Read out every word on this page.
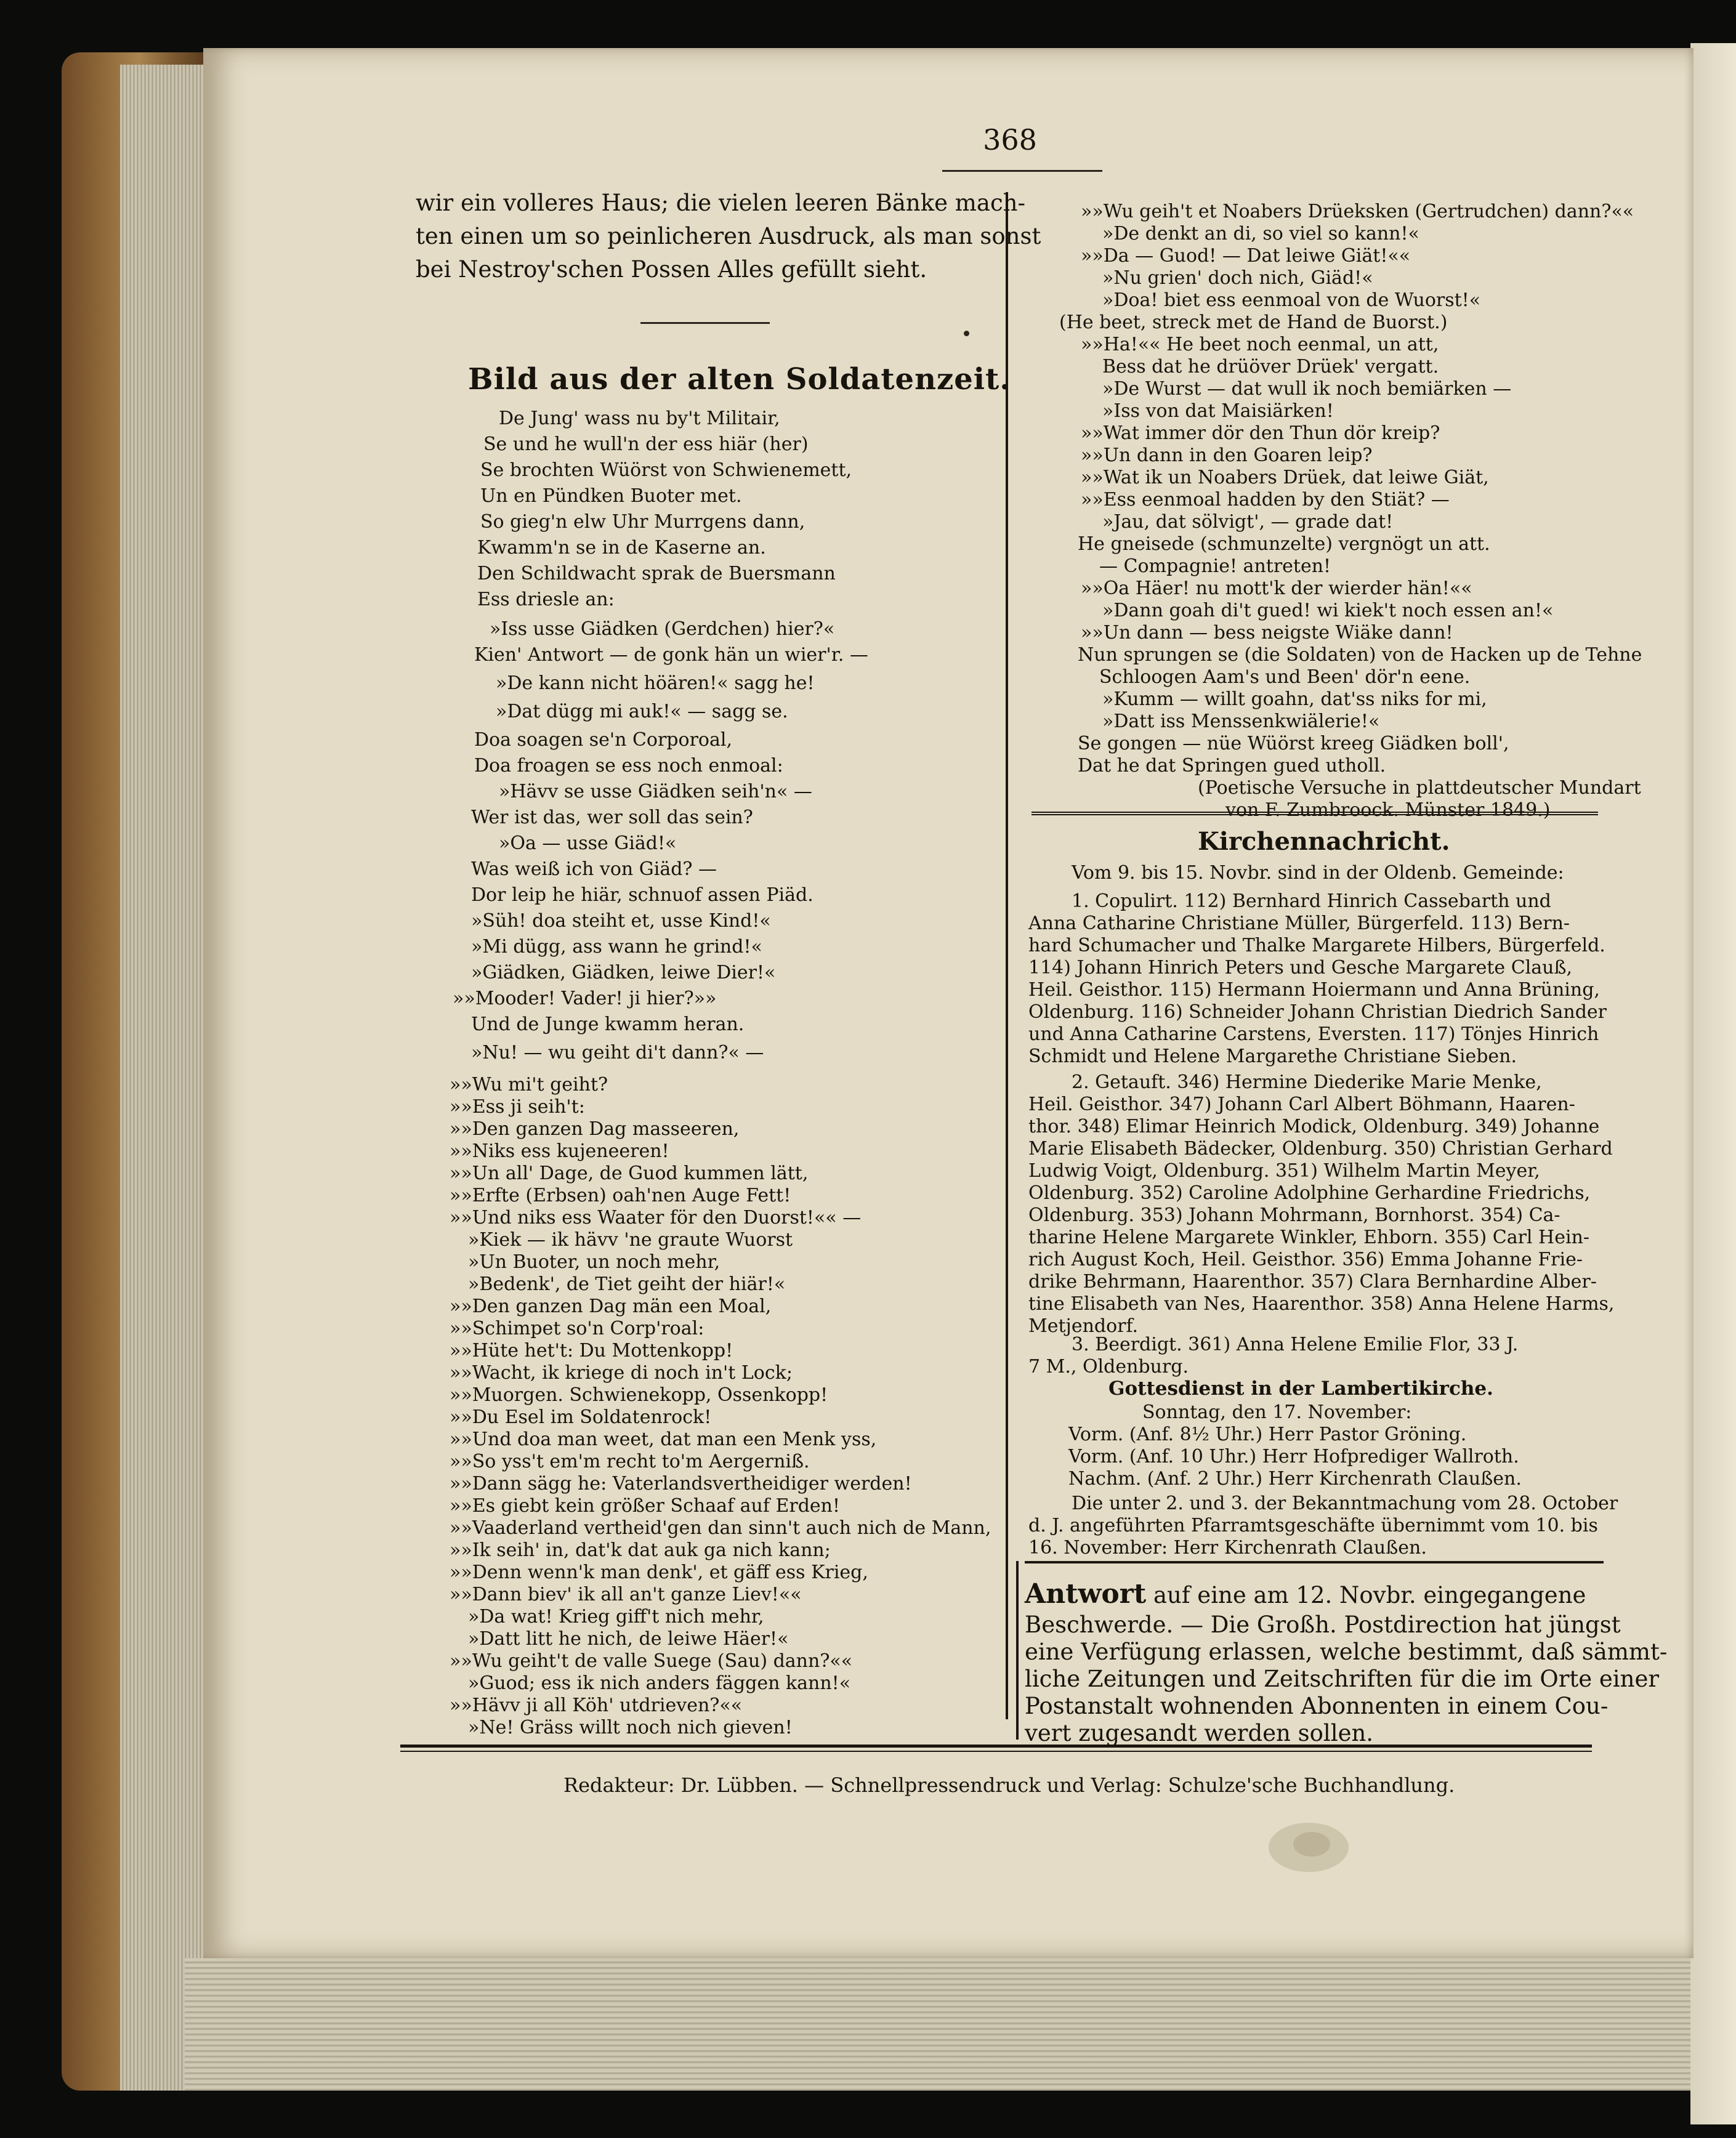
368
wir ein volleres Haus; die vielen leeren Bänke mach-
ten einen um so peinlicheren Ausdruck, als man sonst
bei Nestroy'schen Possen Alles gefüllt sieht.
Bild aus der alten Soldatenzeit.
De Jung' wass nu by't Militair,
Se und he wull'n der ess hiär (her)
Se brochten Wüörst von Schwienemett,
Un en Pündken Buoter met.
So gieg'n elw Uhr Murrgens dann,
Kwamm'n se in de Kaserne an.
Den Schildwacht sprak de Buersmann
Ess driesle an:
»Iss usse Giädken (Gerdchen) hier?«
Kien' Antwort — de gonk hän un wier'r. —
»De kann nicht höären!« sagg he!
»Dat dügg mi auk!« — sagg se.
Doa soagen se'n Corporoal,
Doa froagen se ess noch enmoal:
»Hävv se usse Giädken seih'n« —
Wer ist das, wer soll das sein?
»Oa — usse Giäd!«
Was weiß ich von Giäd? —
Dor leip he hiär, schnuof assen Piäd.
»Süh! doa steiht et, usse Kind!«
»Mi dügg, ass wann he grind!«
»Giädken, Giädken, leiwe Dier!«
»»Mooder! Vader! ji hier?»»
Und de Junge kwamm heran.
»Nu! — wu geiht di't dann?« —
»»Wu mi't geiht?
»»Ess ji seih't:
»»Den ganzen Dag masseeren,
»»Niks ess kujeneeren!
»»Un all' Dage, de Guod kummen lätt,
»»Erfte (Erbsen) oah'nen Auge Fett!
»»Und niks ess Waater för den Duorst!«« —
»Kiek — ik hävv 'ne graute Wuorst
»Un Buoter, un noch mehr,
»Bedenk', de Tiet geiht der hiär!«
»»Den ganzen Dag män een Moal,
»»Schimpet so'n Corp'roal:
»»Hüte het't: Du Mottenkopp!
»»Wacht, ik kriege di noch in't Lock;
»»Muorgen. Schwienekopp, Ossenkopp!
»»Du Esel im Soldatenrock!
»»Und doa man weet, dat man een Menk yss,
»»So yss't em'm recht to'm Aergerniß.
»»Dann sägg he: Vaterlandsvertheidiger werden!
»»Es giebt kein größer Schaaf auf Erden!
»»Vaaderland vertheid'gen dan sinn't auch nich de Mann,
»»Ik seih' in, dat'k dat auk ga nich kann;
»»Denn wenn'k man denk', et gäff ess Krieg,
»»Dann biev' ik all an't ganze Liev!««
»Da wat! Krieg giff't nich mehr,
»Datt litt he nich, de leiwe Häer!«
»»Wu geiht't de valle Suege (Sau) dann?««
»Guod; ess ik nich anders fäggen kann!«
»»Hävv ji all Köh' utdrieven?««
»Ne! Gräss willt noch nich gieven!
»»Wu geih't et Noabers Drüeksken (Gertrudchen) dann?««
»De denkt an di, so viel so kann!«
»»Da — Guod! — Dat leiwe Giät!««
»Nu grien' doch nich, Giäd!«
»Doa! biet ess eenmoal von de Wuorst!«
(He beet, streck met de Hand de Buorst.)
»»Ha!«« He beet noch eenmal, un att,
Bess dat he drüöver Drüek' vergatt.
»De Wurst — dat wull ik noch bemiärken —
»Iss von dat Maisiärken!
»»Wat immer dör den Thun dör kreip?
»»Un dann in den Goaren leip?
»»Wat ik un Noabers Drüek, dat leiwe Giät,
»»Ess eenmoal hadden by den Stiät? —
»Jau, dat sölvigt', — grade dat!
He gneisede (schmunzelte) vergnögt un att.
— Compagnie! antreten!
»»Oa Häer! nu mott'k der wierder hän!««
»Dann goah di't gued! wi kiek't noch essen an!«
»»Un dann — bess neigste Wiäke dann!
Nun sprungen se (die Soldaten) von de Hacken up de Tehne
Schloogen Aam's und Been' dör'n eene.
»Kumm — willt goahn, dat'ss niks for mi,
»Datt iss Menssenkwiälerie!«
Se gongen — nüe Wüörst kreeg Giädken boll',
Dat he dat Springen gued utholl.
(Poetische Versuche in plattdeutscher Mundart
von F. Zumbroock. Münster 1849.)
Kirchennachricht.
Vom 9. bis 15. Novbr. sind in der Oldenb. Gemeinde:
1. Copulirt. 112) Bernhard Hinrich Cassebarth und
Anna Catharine Christiane Müller, Bürgerfeld. 113) Bern-
hard Schumacher und Thalke Margarete Hilbers, Bürgerfeld.
114) Johann Hinrich Peters und Gesche Margarete Clauß,
Heil. Geisthor. 115) Hermann Hoiermann und Anna Brüning,
Oldenburg. 116) Schneider Johann Christian Diedrich Sander
und Anna Catharine Carstens, Eversten. 117) Tönjes Hinrich
Schmidt und Helene Margarethe Christiane Sieben.
2. Getauft. 346) Hermine Diederike Marie Menke,
Heil. Geisthor. 347) Johann Carl Albert Böhmann, Haaren-
thor. 348) Elimar Heinrich Modick, Oldenburg. 349) Johanne
Marie Elisabeth Bädecker, Oldenburg. 350) Christian Gerhard
Ludwig Voigt, Oldenburg. 351) Wilhelm Martin Meyer,
Oldenburg. 352) Caroline Adolphine Gerhardine Friedrichs,
Oldenburg. 353) Johann Mohrmann, Bornhorst. 354) Ca-
tharine Helene Margarete Winkler, Ehborn. 355) Carl Hein-
rich August Koch, Heil. Geisthor. 356) Emma Johanne Frie-
drike Behrmann, Haarenthor. 357) Clara Bernhardine Alber-
tine Elisabeth van Nes, Haarenthor. 358) Anna Helene Harms,
Metjendorf.
3. Beerdigt. 361) Anna Helene Emilie Flor, 33 J.
7 M., Oldenburg.
Gottesdienst in der Lambertikirche.
Sonntag, den 17. November:
Vorm. (Anf. 8½ Uhr.) Herr Pastor Gröning.
Vorm. (Anf. 10 Uhr.) Herr Hofprediger Wallroth.
Nachm. (Anf. 2 Uhr.) Herr Kirchenrath Claußen.
Die unter 2. und 3. der Bekanntmachung vom 28. October
d. J. angeführten Pfarramtsgeschäfte übernimmt vom 10. bis
16. November: Herr Kirchenrath Claußen.
Antwort auf eine am 12. Novbr. eingegangene
Beschwerde. — Die Großh. Postdirection hat jüngst
eine Verfügung erlassen, welche bestimmt, daß sämmt-
liche Zeitungen und Zeitschriften für die im Orte einer
Postanstalt wohnenden Abonnenten in einem Cou-
vert zugesandt werden sollen.
Redakteur: Dr. Lübben. — Schnellpressendruck und Verlag: Schulze'sche Buchhandlung.
